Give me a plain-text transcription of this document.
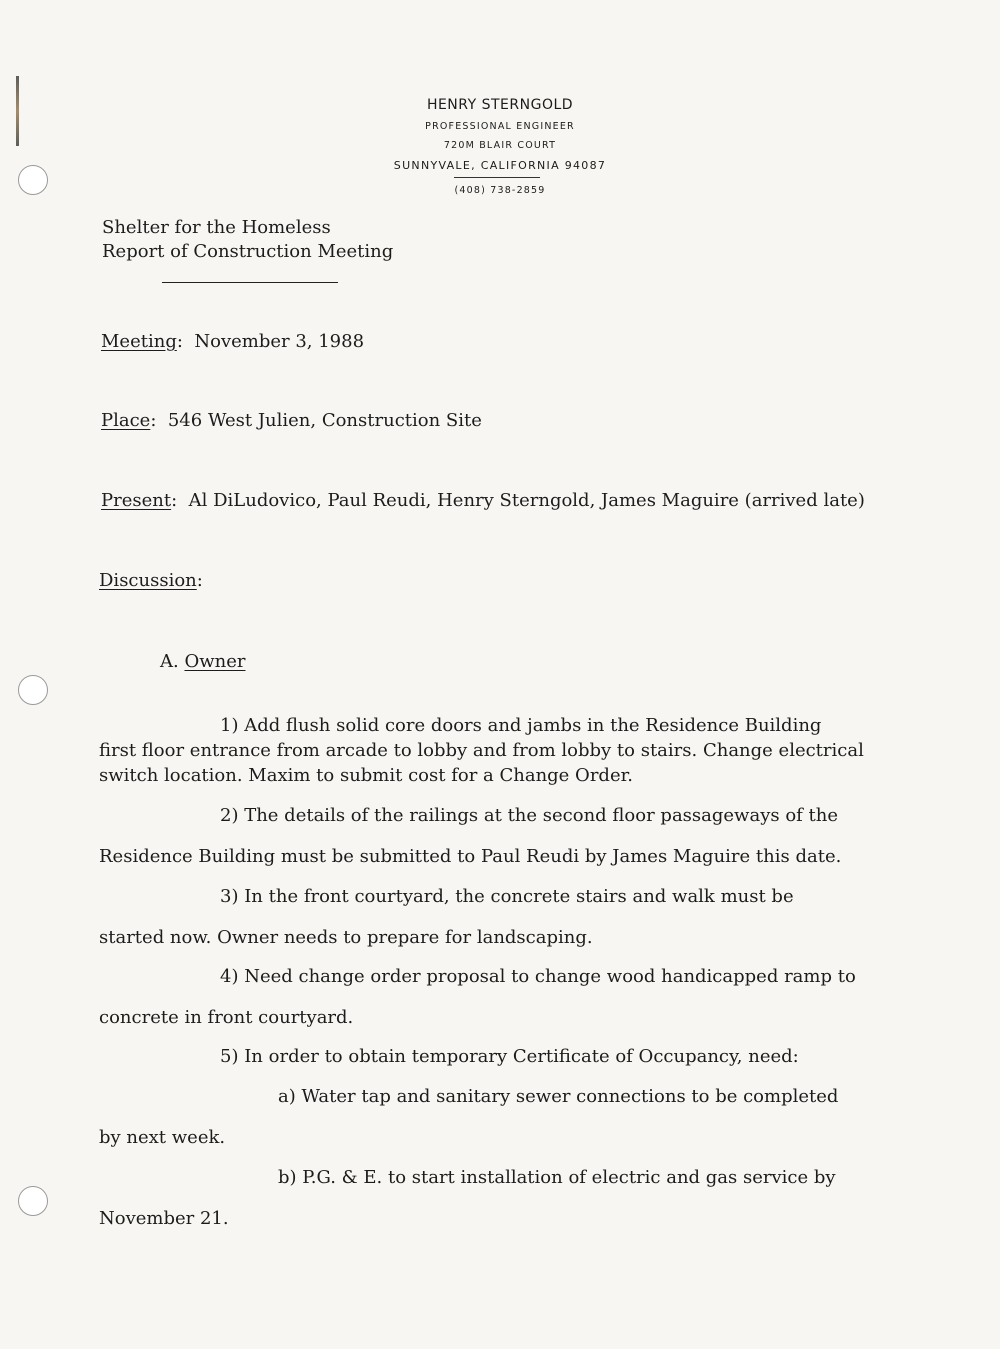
HENRY STERNGOLD
PROFESSIONAL ENGINEER
720M BLAIR COURT
SUNNYVALE, CALIFORNIA 94087
(408) 738-2859
Shelter for the Homeless
Report of Construction Meeting
Meeting:  November 3, 1988
Place:  546 West Julien, Construction Site
Present:  Al DiLudovico, Paul Reudi, Henry Sterngold, James Maguire (arrived late)
Discussion:
A. Owner
1) Add flush solid core doors and jambs in the Residence Building
first floor entrance from arcade to lobby and from lobby to stairs. Change electrical
switch location. Maxim to submit cost for a Change Order.
2) The details of the railings at the second floor passageways of the
Residence Building must be submitted to Paul Reudi by James Maguire this date.
3) In the front courtyard, the concrete stairs and walk must be
started now. Owner needs to prepare for landscaping.
4) Need change order proposal to change wood handicapped ramp to
concrete in front courtyard.
5) In order to obtain temporary Certificate of Occupancy, need:
a) Water tap and sanitary sewer connections to be completed
by next week.
b) P.G. & E. to start installation of electric and gas service by
November 21.
